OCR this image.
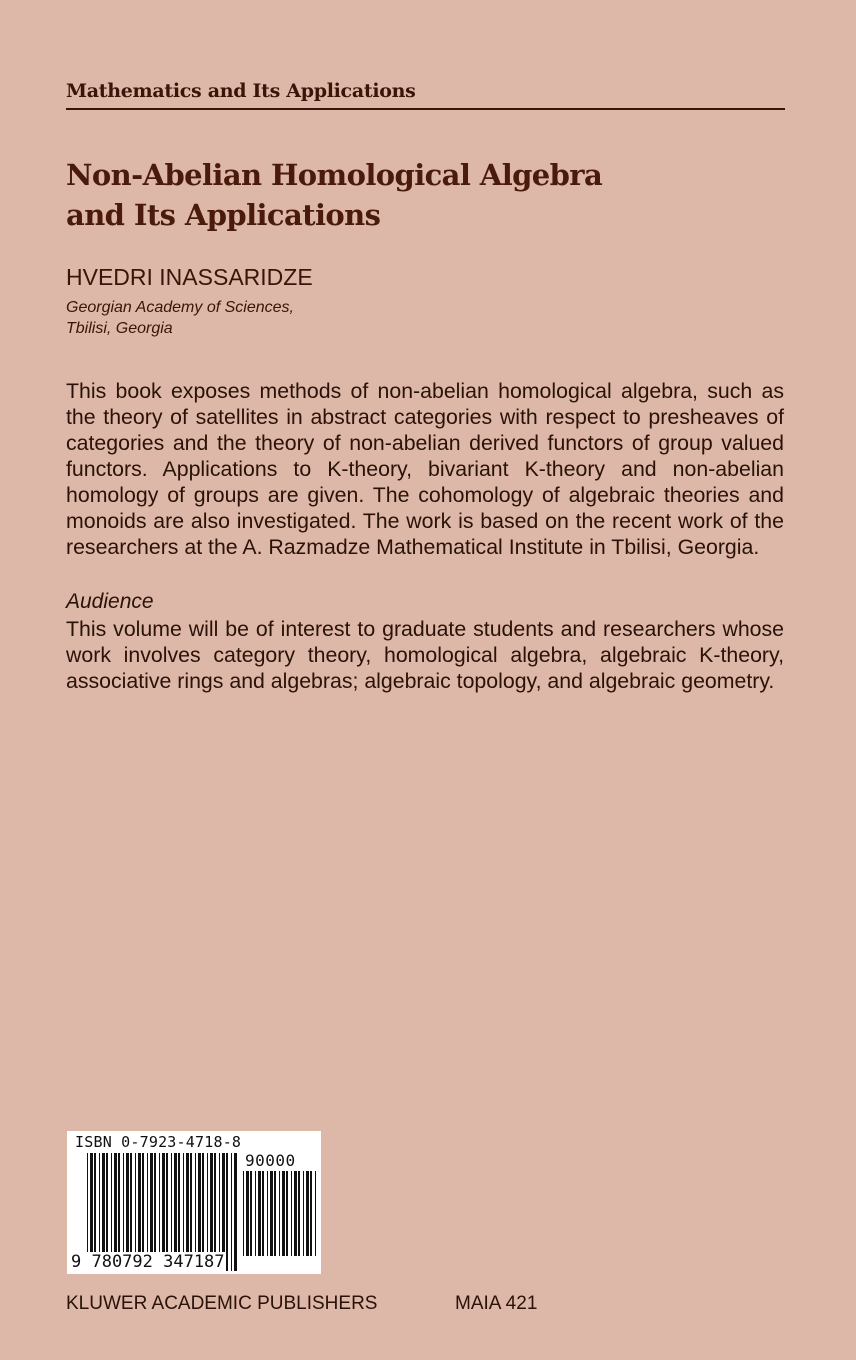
Mathematics and Its Applications
Non-Abelian Homological Algebra
and Its Applications
HVEDRI INASSARIDZE
Georgian Academy of Sciences,
Tbilisi, Georgia
This book exposes methods of non-abelian homological algebra, such as the theory of satellites in abstract categories with respect to presheaves of categories and the theory of non-abelian derived functors of group valued functors. Applications to K-theory, bivariant K-theory and non-abelian homology of groups are given. The cohomology of algebraic theories and monoids are also investigated. The work is based on the recent work of the researchers at the A. Razmadze Mathematical Institute in Tbilisi, Georgia.
Audience
This volume will be of interest to graduate students and researchers whose work involves category theory, homological algebra, algebraic K-theory, associative rings and algebras; algebraic topology, and algebraic geometry.
ISBN 0-7923-4718-8
90000
9 780792 347187
KLUWER ACADEMIC PUBLISHERS	MAIA 421
